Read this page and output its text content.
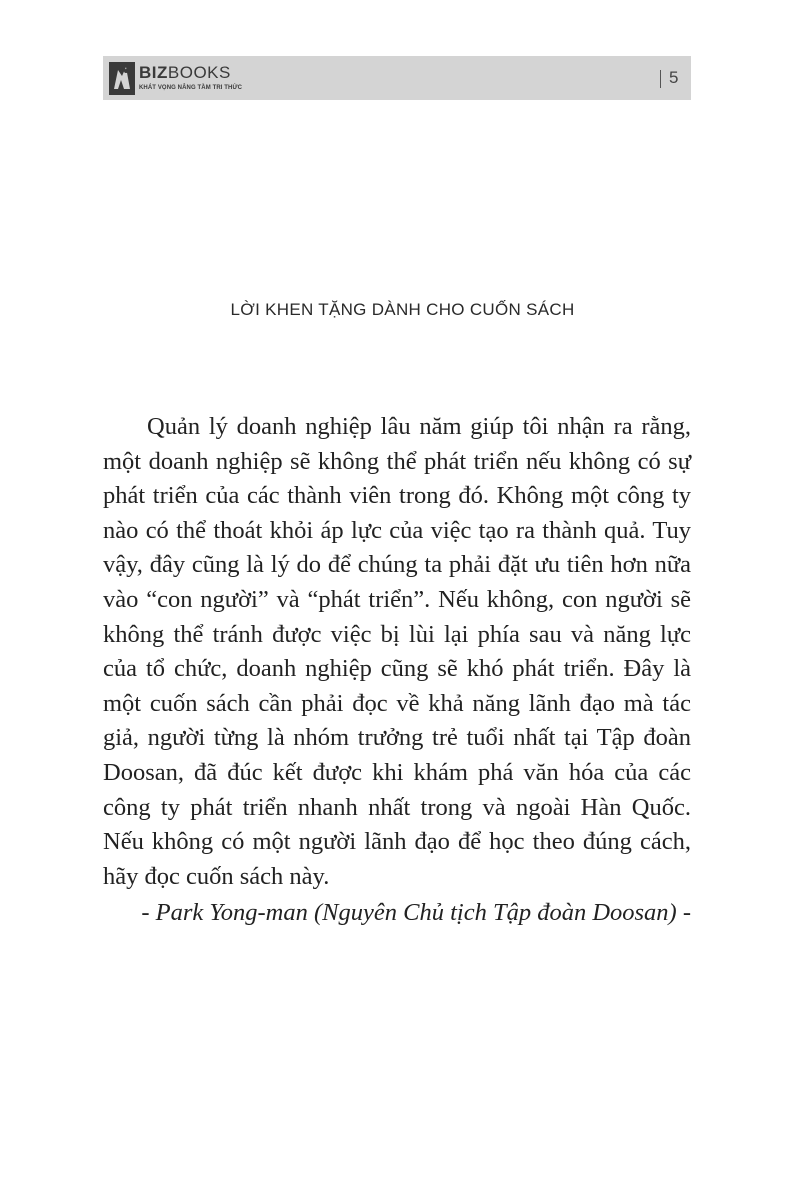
BIZBOOKS
KHÁT VỌNG NÂNG TẦM TRI THỨC
5
LỜI KHEN TẶNG DÀNH CHO CUỐN SÁCH
Quản lý doanh nghiệp lâu năm giúp tôi nhận ra rằng,
một doanh nghiệp sẽ không thể phát triển nếu không có sự
phát triển của các thành viên trong đó. Không một công ty
nào có thể thoát khỏi áp lực của việc tạo ra thành quả. Tuy
vậy, đây cũng là lý do để chúng ta phải đặt ưu tiên hơn nữa
vào “con người” và “phát triển”. Nếu không, con người sẽ
không thể tránh được việc bị lùi lại phía sau và năng lực
của tổ chức, doanh nghiệp cũng sẽ khó phát triển. Đây là
một cuốn sách cần phải đọc về khả năng lãnh đạo mà tác
giả, người từng là nhóm trưởng trẻ tuổi nhất tại Tập đoàn
Doosan, đã đúc kết được khi khám phá văn hóa của các
công ty phát triển nhanh nhất trong và ngoài Hàn Quốc.
Nếu không có một người lãnh đạo để học theo đúng cách,
hãy đọc cuốn sách này.
- Park Yong-man (Nguyên Chủ tịch Tập đoàn Doosan) -
